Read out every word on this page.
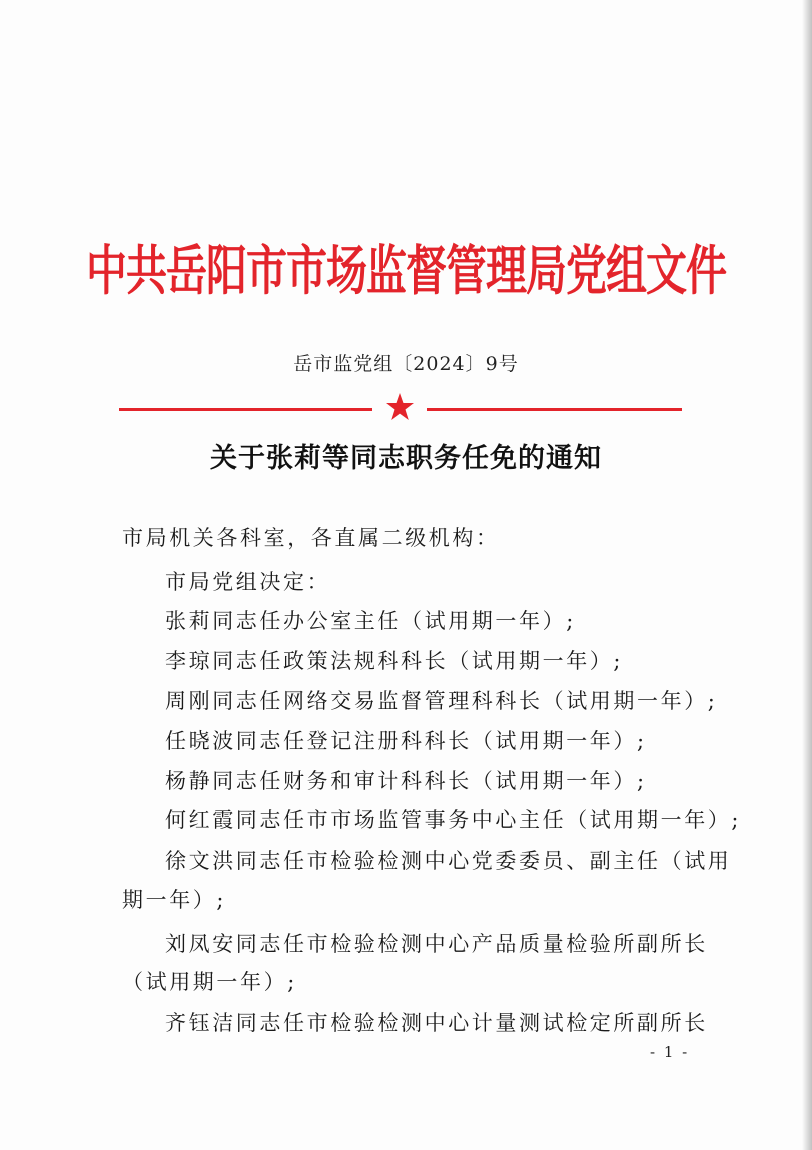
中共岳阳市市场监督管理局党组文件
岳市监党组〔2024〕9号
关于张莉等同志职务任免的通知
市局机关各科室，各直属二级机构：
市局党组决定：
张莉同志任办公室主任（试用期一年）;
李琼同志任政策法规科科长（试用期一年）;
周刚同志任网络交易监督管理科科长（试用期一年）;
任晓波同志任登记注册科科长（试用期一年）;
杨静同志任财务和审计科科长（试用期一年）;
何红霞同志任市市场监管事务中心主任（试用期一年）;
徐文洪同志任市检验检测中心党委委员、副主任（试用
期一年）;
刘凤安同志任市检验检测中心产品质量检验所副所长
（试用期一年）;
齐钰洁同志任市检验检测中心计量测试检定所副所长
- 1 -
